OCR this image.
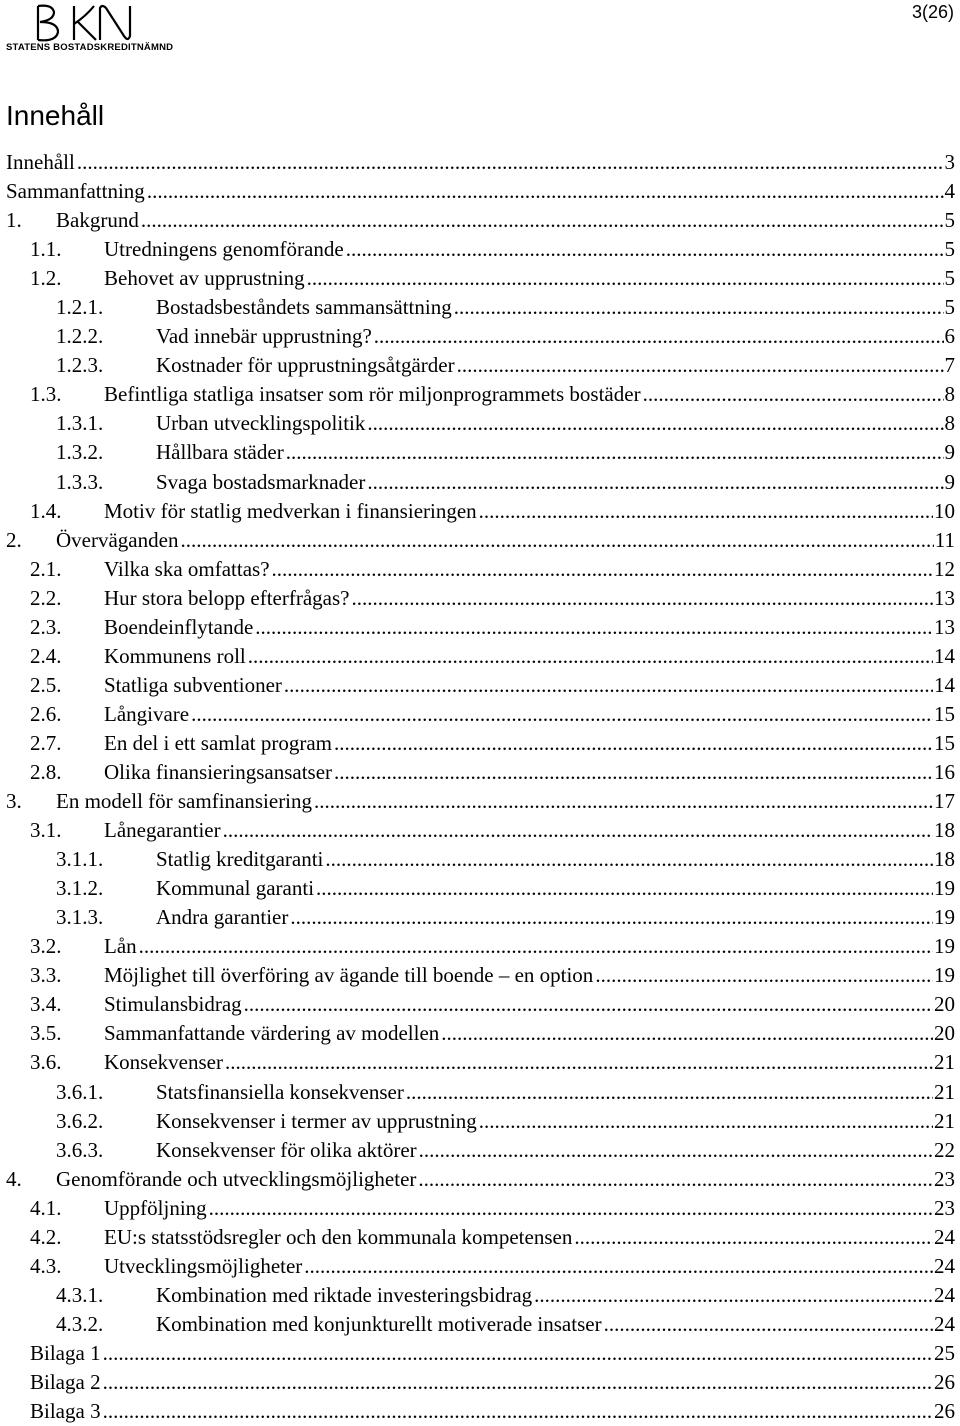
STATENS BOSTADSKREDITNÄMND
3(26)
Innehåll
Innehåll .....	3
Sammanfattning .....	4
1. Bakgrund .....	5
1.1. Utredningens genomförande .....	5
1.2. Behovet av upprustning .....	5
1.2.1.	Bostadsbeståndets sammansättning .....	5
1.2.2.	Vad innebär upprustning? .....	6
1.2.3.	Kostnader för upprustningsåtgärder .....	7
1.3. Befintliga statliga insatser som rör miljonprogrammets bostäder .....	8
1.3.1.	Urban utvecklingspolitik .....	8
1.3.2.	Hållbara städer .....	9
1.3.3.	Svaga bostadsmarknader .....	9
1.4. Motiv för statlig medverkan i finansieringen .....	10
2. Överväganden .....	11
2.1. Vilka ska omfattas? .....	12
2.2. Hur stora belopp efterfrågas? .....	13
2.3. Boendeinflytande .....	13
2.4. Kommunens roll .....	14
2.5. Statliga subventioner .....	14
2.6. Långivare .....	15
2.7. En del i ett samlat program .....	15
2.8. Olika finansieringsansatser .....	16
3. En modell för samfinansiering .....	17
3.1. Lånegarantier .....	18
3.1.1.	Statlig kreditgaranti .....	18
3.1.2.	Kommunal garanti .....	19
3.1.3.	Andra garantier .....	19
3.2. Lån .....	19
3.3. Möjlighet till överföring av ägande till boende – en option .....	19
3.4. Stimulansbidrag .....	20
3.5. Sammanfattande värdering av modellen .....	20
3.6. Konsekvenser .....	21
3.6.1.	Statsfinansiella konsekvenser .....	21
3.6.2.	Konsekvenser i termer av upprustning .....	21
3.6.3.	Konsekvenser för olika aktörer .....	22
4. Genomförande och utvecklingsmöjligheter .....	23
4.1. Uppföljning .....	23
4.2. EU:s statsstödsregler och den kommunala kompetensen .....	24
4.3. Utvecklingsmöjligheter .....	24
4.3.1.	Kombination med riktade investeringsbidrag .....	24
4.3.2.	Kombination med konjunkturellt motiverade insatser .....	24
Bilaga 1 .....	25
Bilaga 2 .....	26
Bilaga 3 .....	26
